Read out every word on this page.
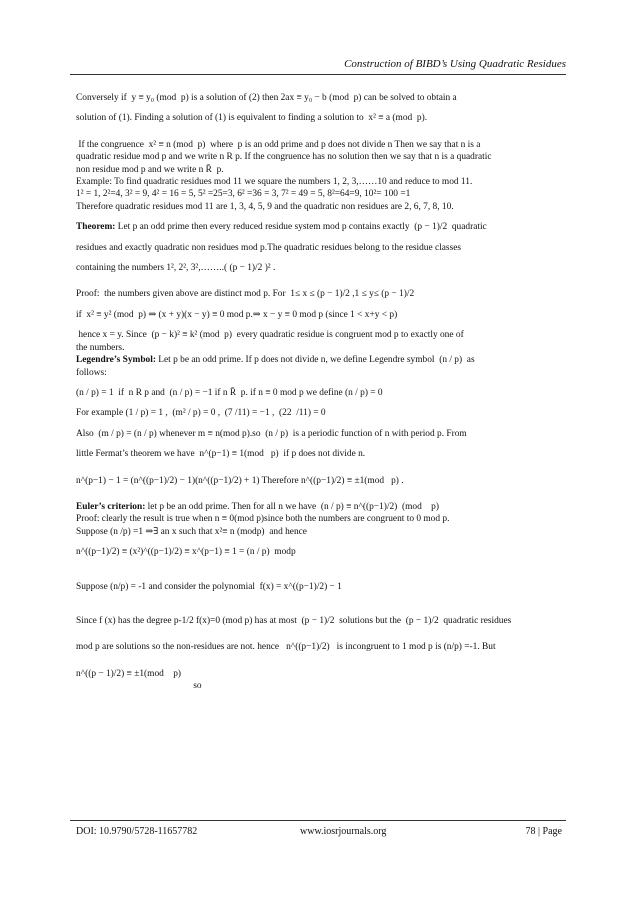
Construction of BIBD’s Using Quadratic Residues

Conversely if  y ≡ y₀ (mod  p) is a solution of (2) then 2ax ≡ y₀ − b (mod  p) can be solved to obtain a

solution of (1). Finding a solution of (1) is equivalent to finding a solution to  x² ≡ a (mod  p).

If the congruence  x² ≡ n (mod  p)  where  p is an odd prime and p does not divide n Then we say that n is a

quadratic residue mod p and we write n R p. If the congruence has no solution then we say that n is a quadratic

non residue mod p and we write n R̄  p.

Example: To find quadratic residues mod 11 we square the numbers 1, 2, 3,……10 and reduce to mod 11.

1² = 1, 2²=4, 3² = 9, 4² = 16 = 5, 5² =25=3, 6² =36 = 3, 7² = 49 = 5, 8²=64=9, 10²= 100 =1

Therefore quadratic residues mod 11 are 1, 3, 4, 5, 9 and the quadratic non residues are 2, 6, 7, 8, 10.

Theorem: Let p an odd prime then every reduced residue system mod p contains exactly  (p − 1)/2  quadratic

residues and exactly quadratic non residues mod p.The quadratic residues belong to the residue classes

containing the numbers 1², 2², 3²,……..( (p − 1)/2 )² .

Proof:  the numbers given above are distinct mod p. For  1≤ x ≤ (p − 1)/2 ,1 ≤ y≤ (p − 1)/2

if  x² ≡ y² (mod  p) ⇒ (x + y)(x − y) ≡ 0 mod p.⇒ x − y ≡ 0 mod p (since 1 < x+y < p)

hence x = y. Since  (p − k)² ≡ k² (mod  p)  every quadratic residue is congruent mod p to exactly one of

the numbers.

Legendre’s Symbol: Let p be an odd prime. If p does not divide n, we define Legendre symbol  (n / p)  as

follows:

(n / p) = 1  if  n R p and  (n / p) = −1 if n R̄  p. if n ≡ 0 mod p we define (n / p) = 0

For example (1 / p) = 1 ,  (m² / p) = 0 ,  (7 /11) = −1 ,  (22  /11) = 0

Also  (m / p) = (n / p) whenever m ≡ n(mod p).so  (n / p)  is a periodic function of n with period p. From

little Fermat’s theorem we have  n^(p−1) ≡ 1(mod   p)  if p does not divide n.

n^(p−1) − 1 = (n^((p−1)/2) − 1)(n^((p−1)/2) + 1) Therefore n^((p−1)/2) ≡ ±1(mod   p) .

Euler’s criterion: let p be an odd prime. Then for all n we have  (n / p) ≡ n^((p−1)/2)  (mod    p)

Proof: clearly the result is true when n ≡ 0(mod p)since both the numbers are congruent to 0 mod p.

Suppose (n /p) =1 ⇒∃ an x such that x²≡ n (modp)  and hence

n^((p−1)/2) ≡ (x²)^((p−1)/2) ≡ x^(p−1) ≡ 1 = (n / p)  modp

Suppose (n/p) = -1 and consider the polynomial  f(x) = x^((p−1)/2) − 1

Since f (x) has the degree p-1/2 f(x)=0 (mod p) has at most  (p − 1)/2  solutions but the  (p − 1)/2  quadratic residues

mod p are solutions so the non-residues are not. hence   n^((p−1)/2)   is incongruent to 1 mod p is (n/p) =-1. But

n^((p − 1)/2) ≡ ±1(mod    p)

so

DOI: 10.9790/5728-11657782	www.iosrjournals.org	78 | Page
